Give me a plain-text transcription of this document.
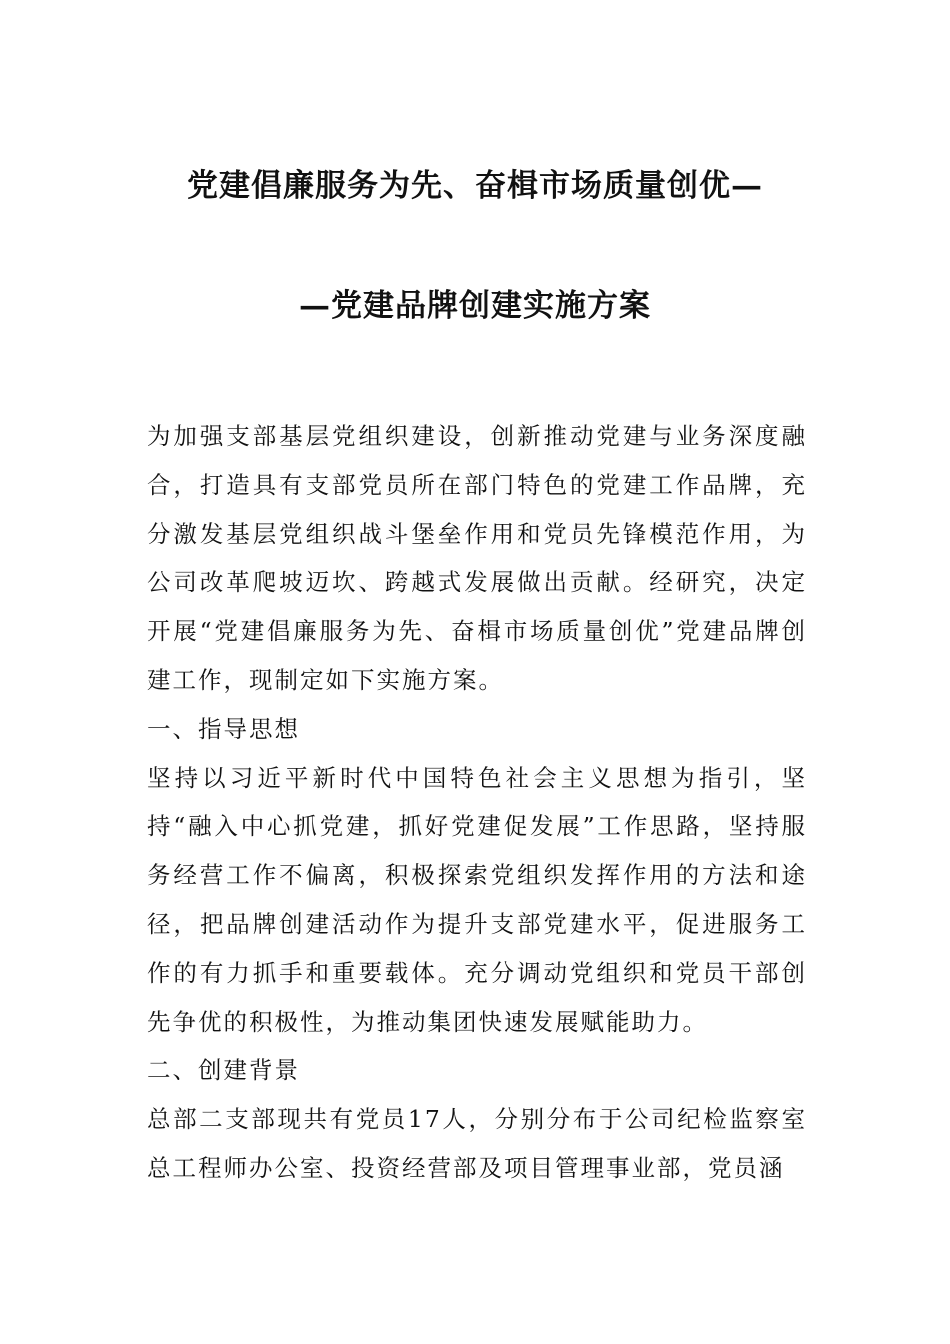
党建倡廉服务为先、奋楫市场质量创优—
—党建品牌创建实施方案

为加强支部基层党组织建设，创新推动党建与业务深度融合，打造具有支部党员所在部门特色的党建工作品牌，充分激发基层党组织战斗堡垒作用和党员先锋模范作用，为公司改革爬坡迈坎、跨越式发展做出贡献。经研究，决定开展“党建倡廉服务为先、奋楫市场质量创优”党建品牌创建工作，现制定如下实施方案。

一、指导思想

坚持以习近平新时代中国特色社会主义思想为指引，坚持“融入中心抓党建，抓好党建促发展”工作思路，坚持服务经营工作不偏离，积极探索党组织发挥作用的方法和途径，把品牌创建活动作为提升支部党建水平，促进服务工作的有力抓手和重要载体。充分调动党组织和党员干部创先争优的积极性，为推动集团快速发展赋能助力。

二、创建背景

总部二支部现共有党员17人，分别分布于公司纪检监察室总工程师办公室、投资经营部及项目管理事业部，党员涵
